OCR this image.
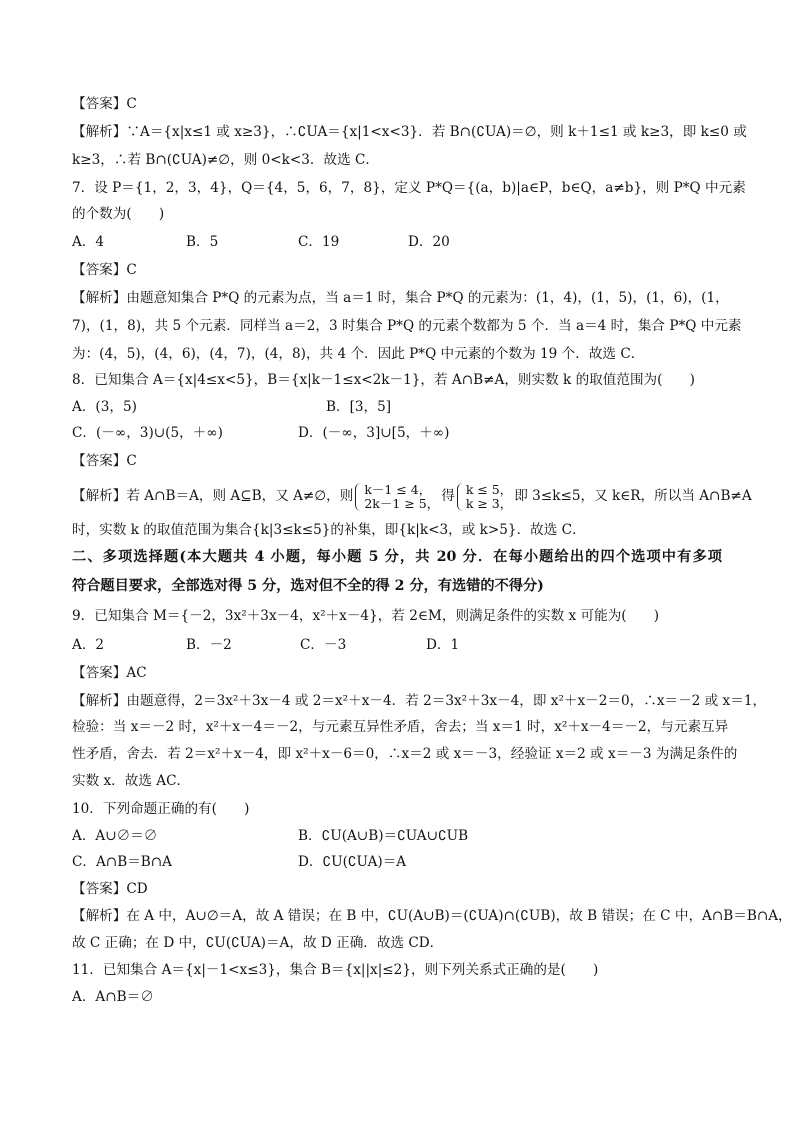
【答案】C
【解析】∵A＝{x|x≤1 或 x≥3}，∴∁UA＝{x|1<x<3}．若 B∩(∁UA)＝∅，则 k＋1≤1 或 k≥3，即 k≤0 或
k≥3，∴若 B∩(∁UA)≠∅，则 0<k<3．故选 C．
7．设 P＝{1，2，3，4}，Q＝{4，5，6，7，8}，定义 P*Q＝{(a，b)|a∈P，b∈Q，a≠b}，则 P*Q 中元素
的个数为(　　)
A．4	B．5	C．19	D．20
【答案】C
【解析】由题意知集合 P*Q 的元素为点，当 a＝1 时，集合 P*Q 的元素为：(1，4)，(1，5)，(1，6)，(1，
7)，(1，8)，共 5 个元素．同样当 a＝2，3 时集合 P*Q 的元素个数都为 5 个．当 a＝4 时，集合 P*Q 中元素
为：(4，5)，(4，6)，(4，7)，(4，8)，共 4 个．因此 P*Q 中元素的个数为 19 个．故选 C．
8．已知集合 A＝{x|4≤x<5}，B＝{x|k－1≤x<2k－1}，若 A∩B≠A，则实数 k 的取值范围为(　　)
A．(3，5)	B．[3，5]
C．(－∞，3)∪(5，＋∞)	D．(－∞，3]∪[5，＋∞)
【答案】C
【解析】若 A∩B＝A，则 A⊆B，又 A≠∅，则 k－1 ≤ 4，
2k－1 ≥ 5， 得 k ≤ 5，
k ≥ 3， 即 3≤k≤5，又 k∈R，所以当 A∩B≠A
时，实数 k 的取值范围为集合{k|3≤k≤5}的补集，即{k|k<3，或 k>5}．故选 C．
二、多项选择题(本大题共 4 小题，每小题 5 分，共 20 分．在每小题给出的四个选项中有多项
符合题目要求，全部选对得 5 分，选对但不全的得 2 分，有选错的不得分)
9．已知集合 M＝{－2，3x²＋3x－4，x²＋x－4}，若 2∈M，则满足条件的实数 x 可能为(　　)
A．2	B．－2	C．－3	D．1
【答案】AC
【解析】由题意得，2＝3x²＋3x－4 或 2＝x²＋x－4．若 2＝3x²＋3x－4，即 x²＋x－2＝0，∴x＝－2 或 x＝1，
检验：当 x＝－2 时，x²＋x－4＝－2，与元素互异性矛盾，舍去；当 x＝1 时，x²＋x－4＝－2，与元素互异
性矛盾，舍去．若 2＝x²＋x－4，即 x²＋x－6＝0，∴x＝2 或 x＝－3，经验证 x＝2 或 x＝－3 为满足条件的
实数 x．故选 AC．
10．下列命题正确的有(　　)
A．A∪∅＝∅	B．∁U(A∪B)＝∁UA∪∁UB
C．A∩B＝B∩A	D．∁U(∁UA)＝A
【答案】CD
【解析】在 A 中，A∪∅＝A，故 A 错误；在 B 中，∁U(A∪B)＝(∁UA)∩(∁UB)，故 B 错误；在 C 中，A∩B＝B∩A，
故 C 正确；在 D 中，∁U(∁UA)＝A，故 D 正确．故选 CD．
11．已知集合 A＝{x|－1<x≤3}，集合 B＝{x||x|≤2}，则下列关系式正确的是(　　)
A．A∩B＝∅
